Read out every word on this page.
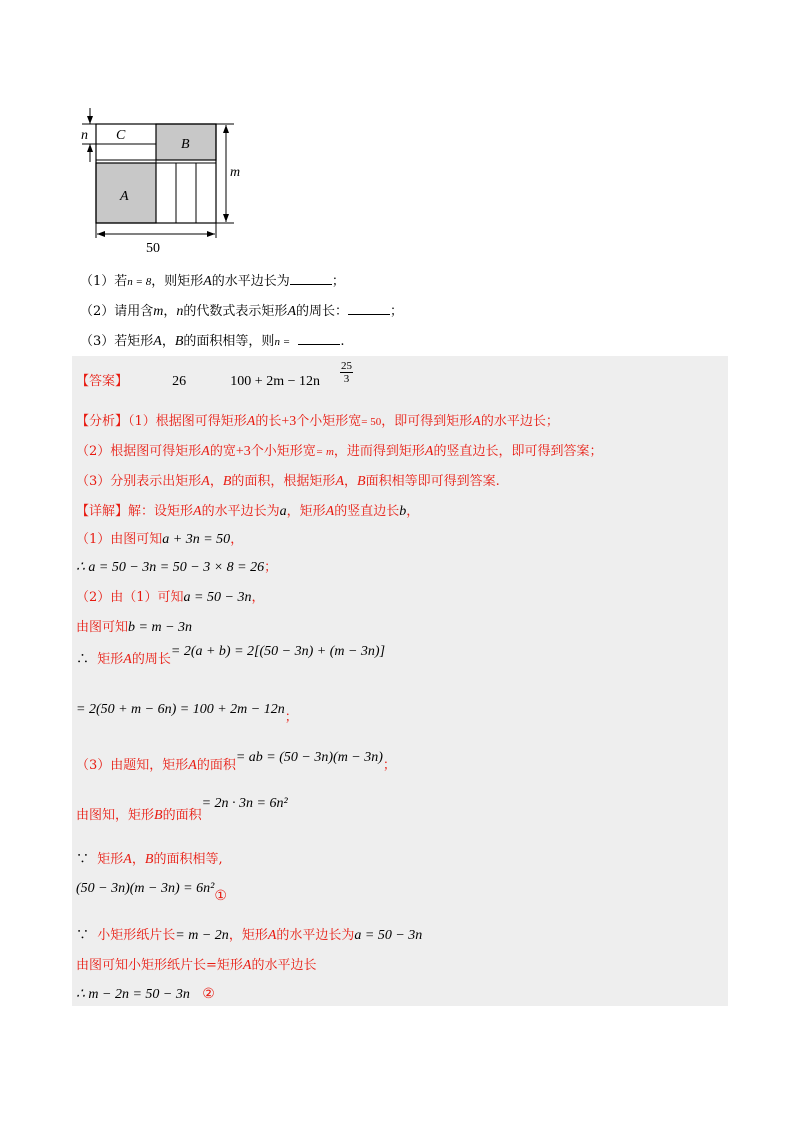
n C
B
A
m
50
（1）若n = 8，则矩形A的水平边长为	；
（2）请用含m，n的代数式表示矩形A的周长：	；
（3）若矩形A，B的面积相等，则n =	.
【答案】	26	$100 + 2m - 12n \frac{25}{3}$
【分析】（1）根据图可得矩形A的长+3个小矩形宽= 50，即可得到矩形A的水平边长；
（2）根据图可得矩形A的宽+3个小矩形宽= m，进而得到矩形A的竖直边长，即可得到答案；
（3）分别表示出矩形A，B的面积，根据矩形A，B面积相等即可得到答案.
【详解】解：设矩形A的水平边长为a，矩形A的竖直边长b，
（1）由图可知a + 3n = 50，
∴ a = 50 − 3n = 50 − 3 × 8 = 26；
（2）由（1）可知a = 50 − 3n，
由图可知b = m − 3n
∴ 矩形A的周长= 2(a + b) = 2[(50 − 3n) + (m − 3n)]
= 2(50 + m − 6n) = 100 + 2m − 12n；
（3）由题知，矩形A的面积= ab = (50 − 3n)(m − 3n)；
由图知，矩形B的面积= 2n · 3n = 6n²
∵ 矩形A，B的面积相等,
(50 − 3n)(m − 3n) = 6n²①
∵ 小矩形纸片长= m − 2n，矩形A的水平边长为a = 50 − 3n
由图可知小矩形纸片长=矩形A的水平边长
∴ m − 2n = 50 − 3n ②
